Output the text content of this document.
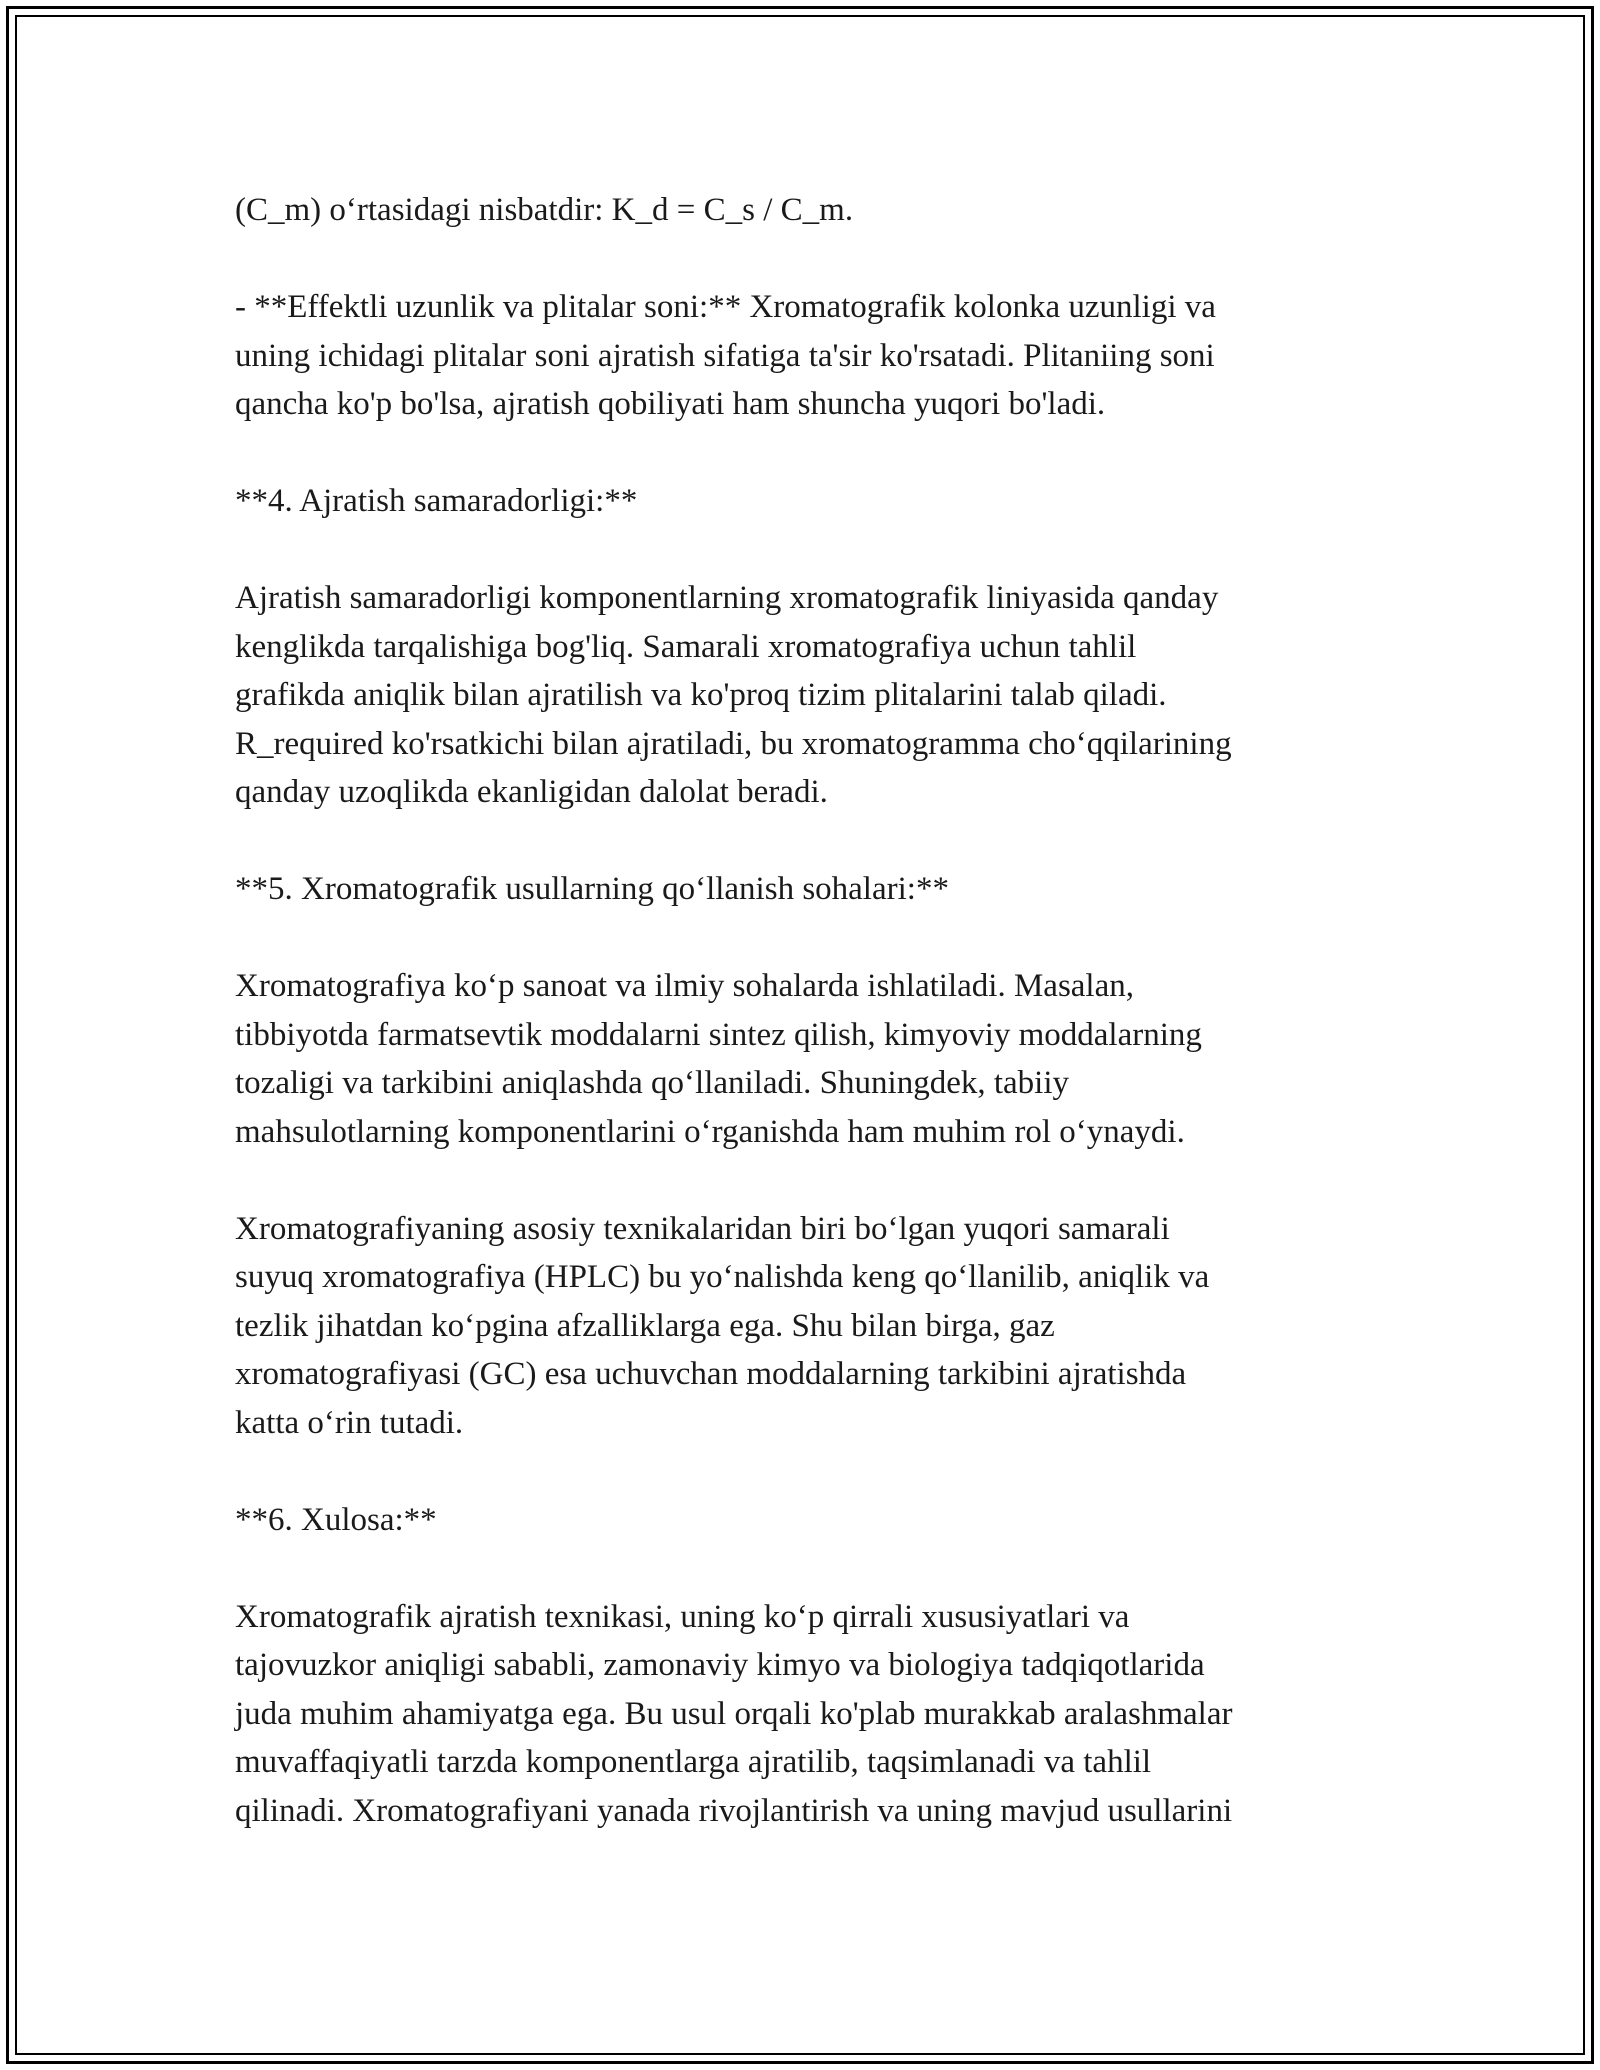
(C_m) o‘rtasidagi nisbatdir: K_d = C_s / C_m.
- **Effektli uzunlik va plitalar soni:** Xromatografik kolonka uzunligi va
uning ichidagi plitalar soni ajratish sifatiga ta'sir ko'rsatadi. Plitaniing soni
qancha ko'p bo'lsa, ajratish qobiliyati ham shuncha yuqori bo'ladi.
**4. Ajratish samaradorligi:**
Ajratish samaradorligi komponentlarning xromatografik liniyasida qanday
kenglikda tarqalishiga bog'liq. Samarali xromatografiya uchun tahlil
grafikda aniqlik bilan ajratilish va ko'proq tizim plitalarini talab qiladi.
R_required ko'rsatkichi bilan ajratiladi, bu xromatogramma cho‘qqilarining
qanday uzoqlikda ekanligidan dalolat beradi.
**5. Xromatografik usullarning qo‘llanish sohalari:**
Xromatografiya ko‘p sanoat va ilmiy sohalarda ishlatiladi. Masalan,
tibbiyotda farmatsevtik moddalarni sintez qilish, kimyoviy moddalarning
tozaligi va tarkibini aniqlashda qo‘llaniladi. Shuningdek, tabiiy
mahsulotlarning komponentlarini o‘rganishda ham muhim rol o‘ynaydi.
Xromatografiyaning asosiy texnikalaridan biri bo‘lgan yuqori samarali
suyuq xromatografiya (HPLC) bu yo‘nalishda keng qo‘llanilib, aniqlik va
tezlik jihatdan ko‘pgina afzalliklarga ega. Shu bilan birga, gaz
xromatografiyasi (GC) esa uchuvchan moddalarning tarkibini ajratishda
katta o‘rin tutadi.
**6. Xulosa:**
Xromatografik ajratish texnikasi, uning ko‘p qirrali xususiyatlari va
tajovuzkor aniqligi sababli, zamonaviy kimyo va biologiya tadqiqotlarida
juda muhim ahamiyatga ega. Bu usul orqali ko'plab murakkab aralashmalar
muvaffaqiyatli tarzda komponentlarga ajratilib, taqsimlanadi va tahlil
qilinadi. Xromatografiyani yanada rivojlantirish va uning mavjud usullarini
